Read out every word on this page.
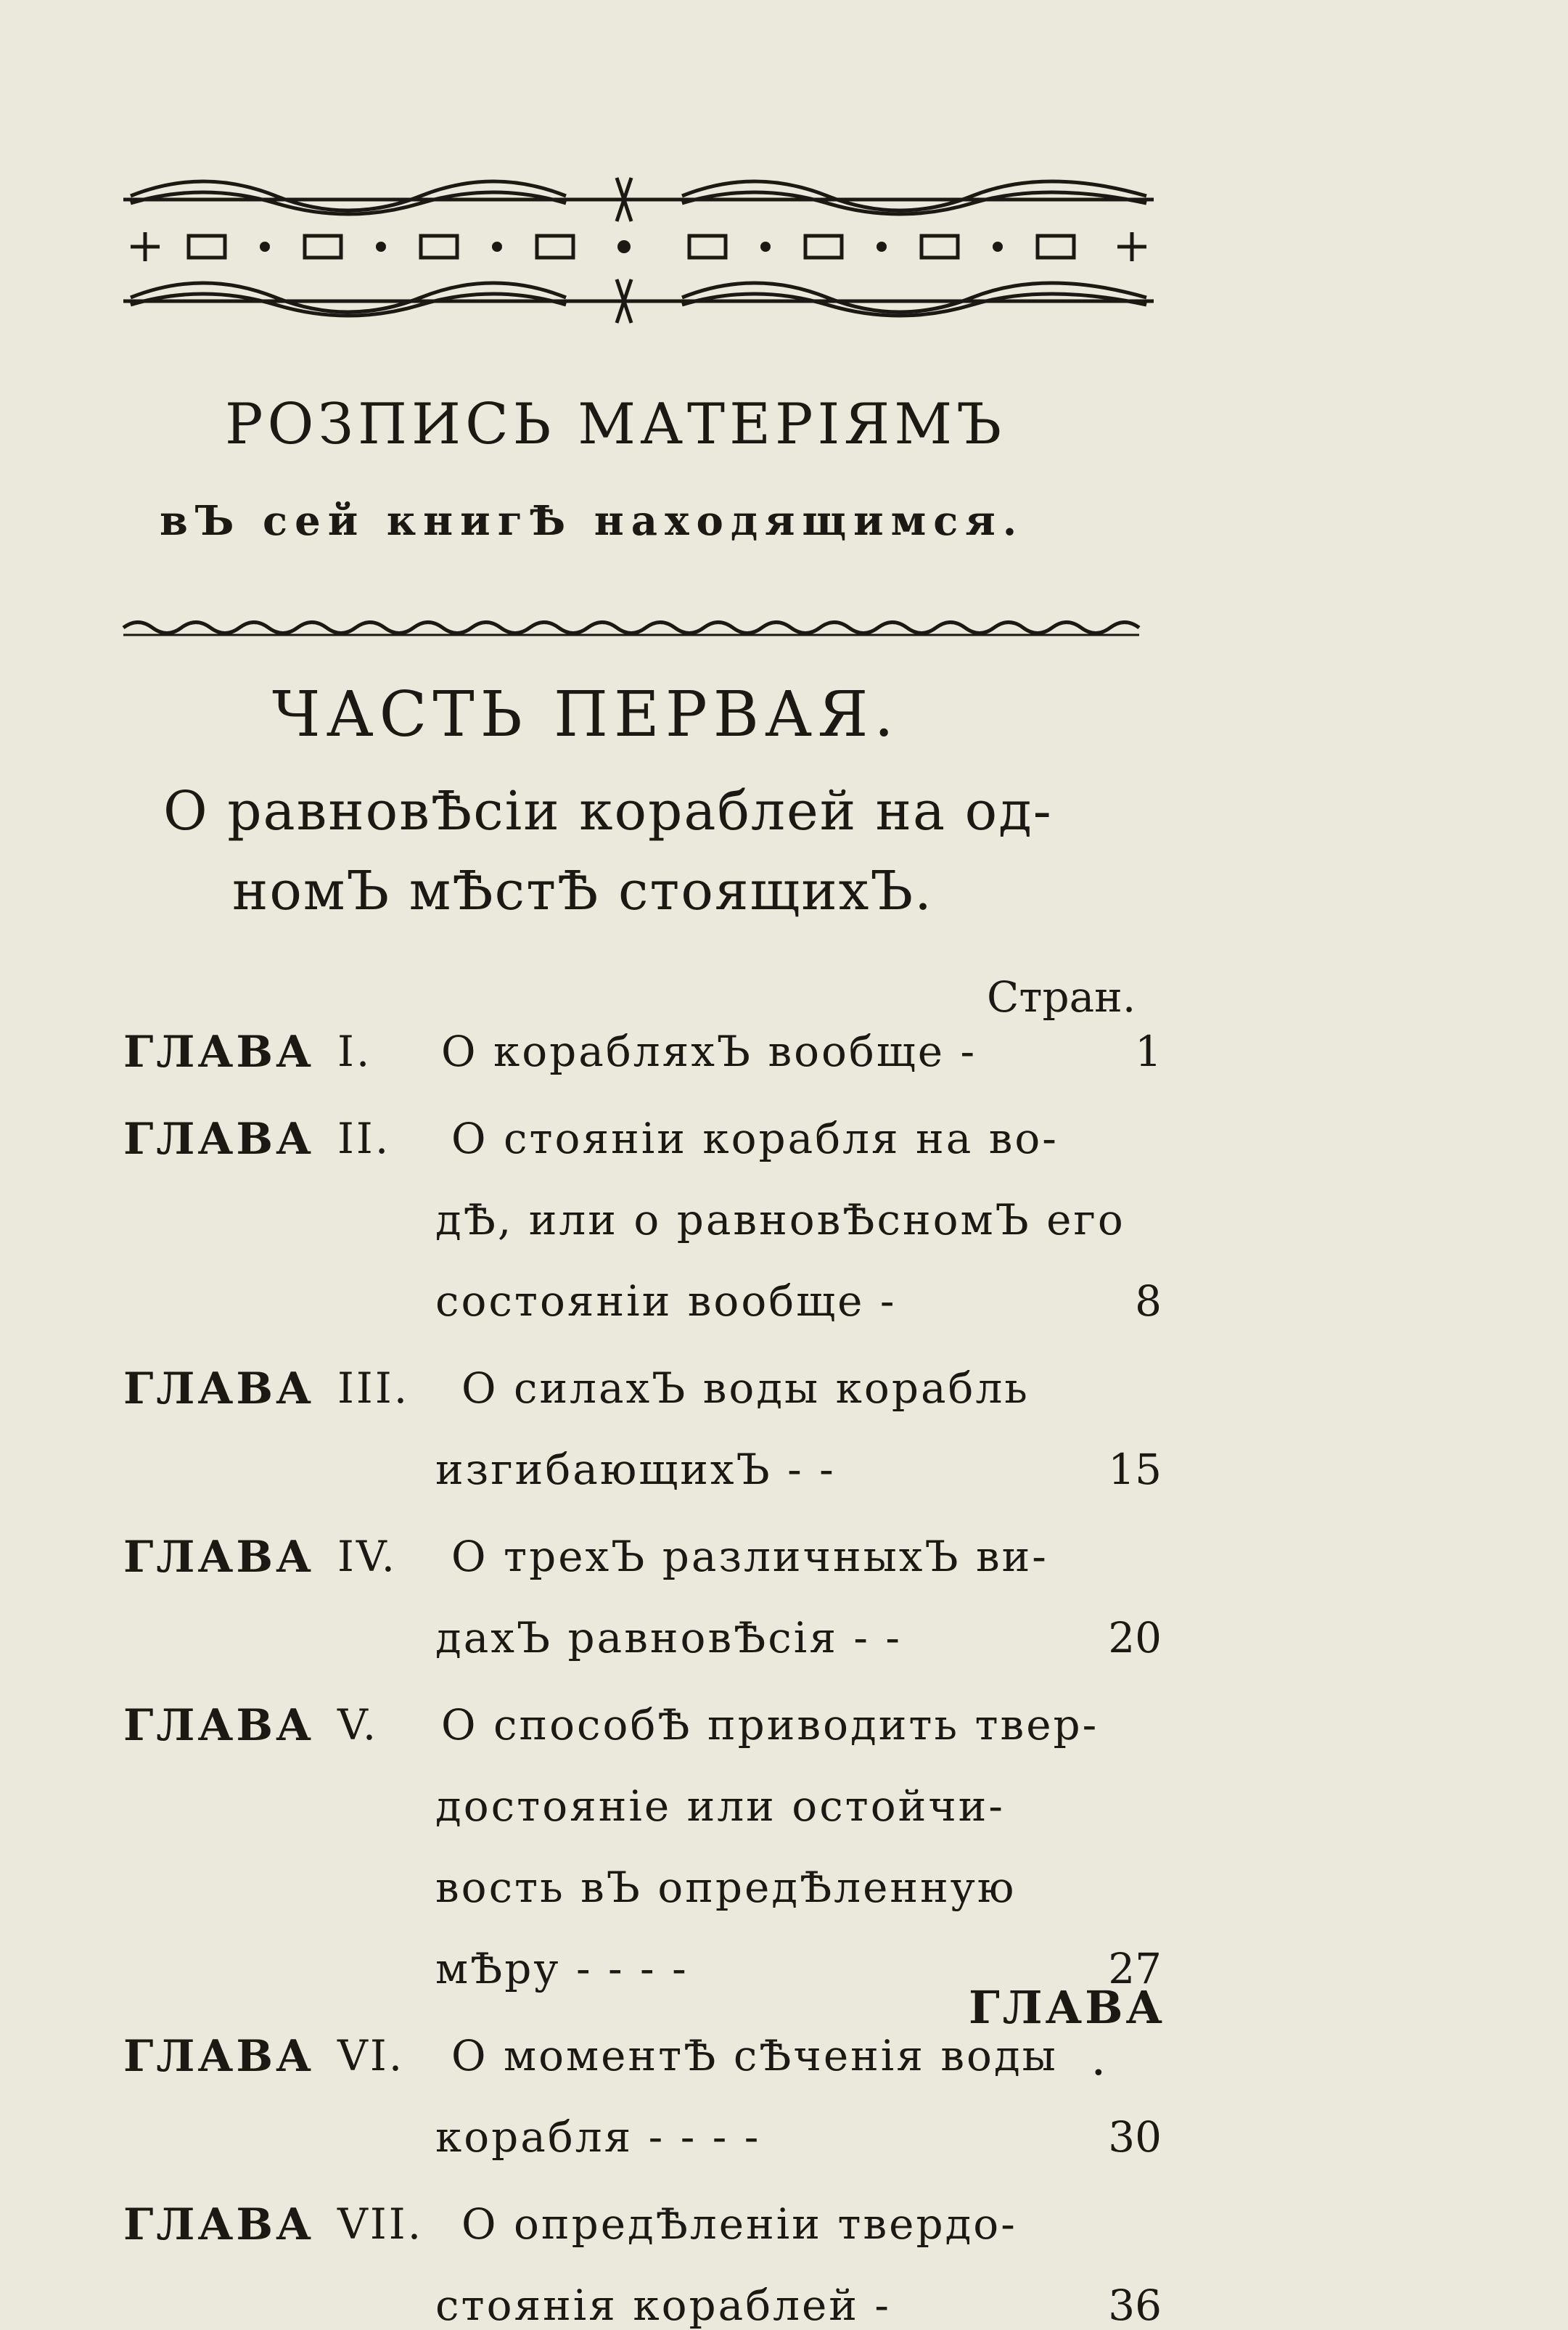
РОЗПИСЬ МАТЕРІЯМЪ
вЪ сей книгѢ находящимся.
ЧАСТЬ ПЕРВАЯ.
О равновѢсіи кораблей на од-
номЪ мѢстѢ стоящихЪ.
Стран.
ГЛАВА I. О корабляхЪ вообще -	1
ГЛАВА II. О стояніи корабля на во-
дѢ, или о равновѢсномЪ его
состояніи вообще -	8
ГЛАВА III. О силахЪ воды корабль
изгибающихЪ - -	15
ГЛАВА IV. О трехЪ различныхЪ ви-
дахЪ равновѢсія - -	20
ГЛАВА V. О способѢ приводить твер-
достояніе или остойчи-
вость вЪ опредѢленную
мѢру - - - -	27
ГЛАВА VI. О моментѢ сѢченія воды
корабля - - - -	30
ГЛАВА VII. О опредѢленіи твердо-
стоянія кораблей -	36
ГЛАВА
•
